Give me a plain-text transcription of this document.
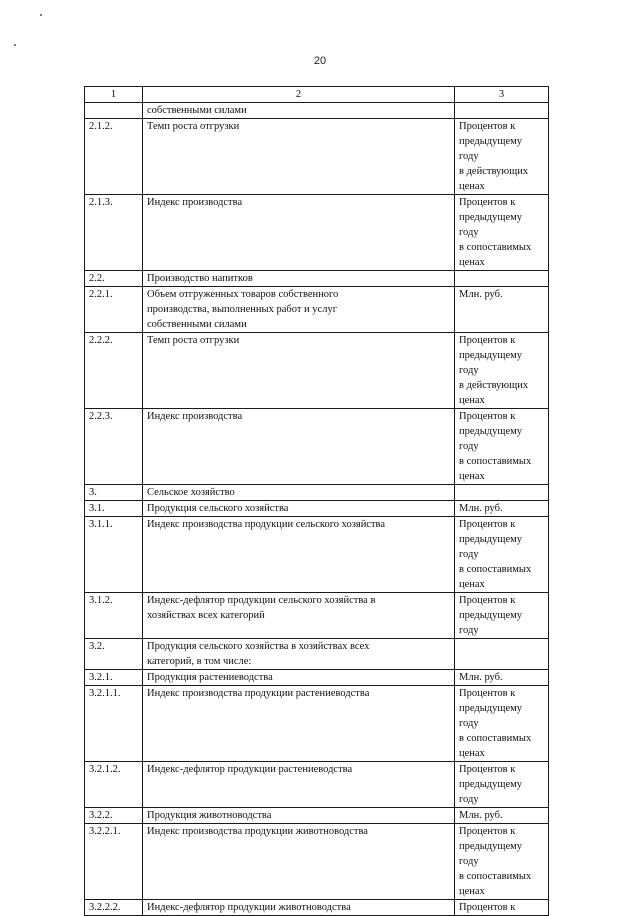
20
1	2	3
	собственными силами	
2.1.2.	Темп роста отгрузки	Процентов к
предыдущему году
в действующих
ценах
2.1.3.	Индекс производства	Процентов к
предыдущему году
в сопоставимых
ценах
2.2.	Производство напитков	
2.2.1.	Объем отгруженных товаров собственного
производства, выполненных работ и услуг
собственными силами	Млн. руб.
2.2.2.	Темп роста отгрузки	Процентов к
предыдущему году
в действующих
ценах
2.2.3.	Индекс производства	Процентов к
предыдущему году
в сопоставимых
ценах
3.	Сельское хозяйство	
3.1.	Продукция сельского хозяйства	Млн. руб.
3.1.1.	Индекс производства продукции сельского хозяйства	Процентов к
предыдущему году
в сопоставимых
ценах
3.1.2.	Индекс-дефлятор продукции сельского хозяйства в
хозяйствах всех категорий	Процентов к
предыдущему году
3.2.	Продукция сельского хозяйства в хозяйствах всех
категорий, в том числе:	
3.2.1.	Продукция растениеводства	Млн. руб.
3.2.1.1.	Индекс производства продукции растениеводства	Процентов к
предыдущему году
в сопоставимых
ценах
3.2.1.2.	Индекс-дефлятор продукции растениеводства	Процентов к
предыдущему году
3.2.2.	Продукция животноводства	Млн. руб.
3.2.2.1.	Индекс производства продукции животноводства	Процентов к
предыдущему году
в сопоставимых
ценах
3.2.2.2.	Индекс-дефлятор продукции животноводства	Процентов к
